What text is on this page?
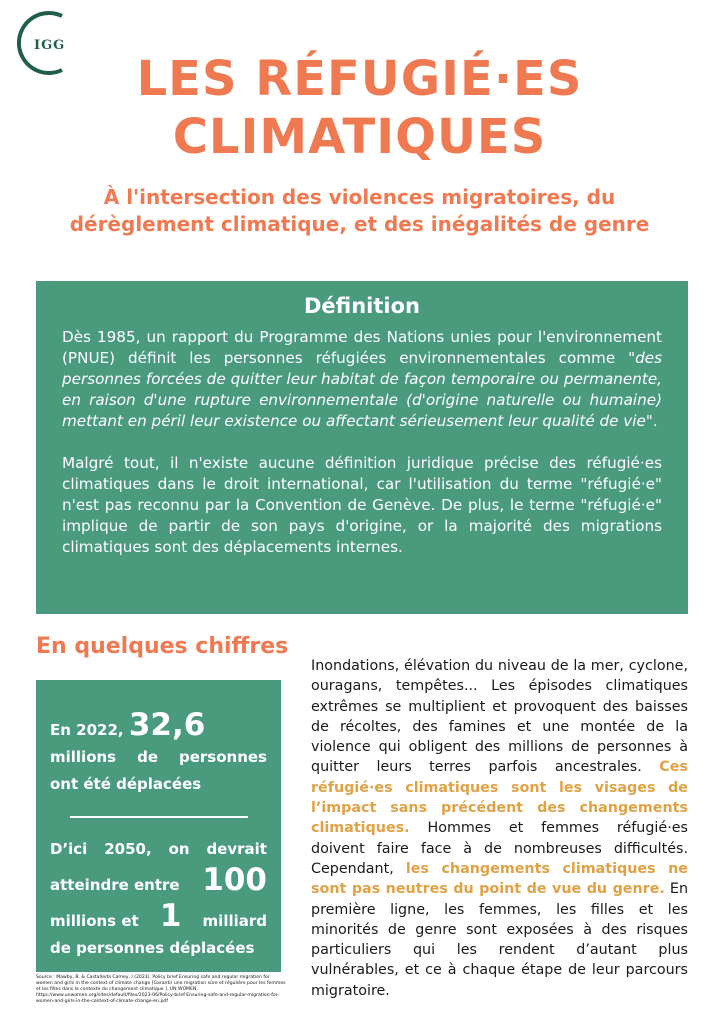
IGG
LES RÉFUGIÉ·ES
CLIMATIQUES
À l'intersection des violences migratoires, du
dérèglement climatique, et des inégalités de genre
Définition

Dès 1985, un rapport du Programme des Nations unies pour l'environnement (PNUE) définit les personnes réfugiées environnementales comme "des personnes forcées de quitter leur habitat de façon temporaire ou permanente, en raison d'une rupture environnementale (d'origine naturelle ou humaine) mettant en péril leur existence ou affectant sérieusement leur qualité de vie".

Malgré tout, il n'existe aucune définition juridique précise des réfugié·es climatiques dans le droit international, car l'utilisation du terme "réfugié·e" n'est pas reconnu par la Convention de Genève. De plus, le terme "réfugié·e" implique de partir de son pays d'origine, or la majorité des migrations climatiques sont des déplacements internes.

En quelques chiffres
En 2022, 32,6
millions de personnes
ont été déplacées
D’ici 2050, on devrait
atteindre entre 100
millions et 1 milliard
de personnes déplacées
Source : Mawby, B. & Castañeda Camey, I (2023). Policy brief Ensuring safe and regular migration for women and girls in the context of climate change [Garantir une migration sûre et régulière pour les femmes et les filles dans le contexte du changement climatique ]. UN WOMEN. https://www.unwomen.org/sites/default/files/2023-06/Policy-brief-Ensuring-safe-and-regular-migration-for-women-and-girls-in-the-context-of-climate-change-en.pdf
Inondations, élévation du niveau de la mer, cyclone, ouragans, tempêtes... Les épisodes climatiques extrêmes se multiplient et provoquent des baisses de récoltes, des famines et une montée de la violence qui obligent des millions de personnes à quitter leurs terres parfois ancestrales. Ces réfugié·es climatiques sont les visages de l’impact sans précédent des changements climatiques. Hommes et femmes réfugié·es doivent faire face à de nombreuses difficultés. Cependant, les changements climatiques ne sont pas neutres du point de vue du genre. En première ligne, les femmes, les filles et les minorités de genre sont exposées à des risques particuliers qui les rendent d’autant plus vulnérables, et ce à chaque étape de leur parcours migratoire.
